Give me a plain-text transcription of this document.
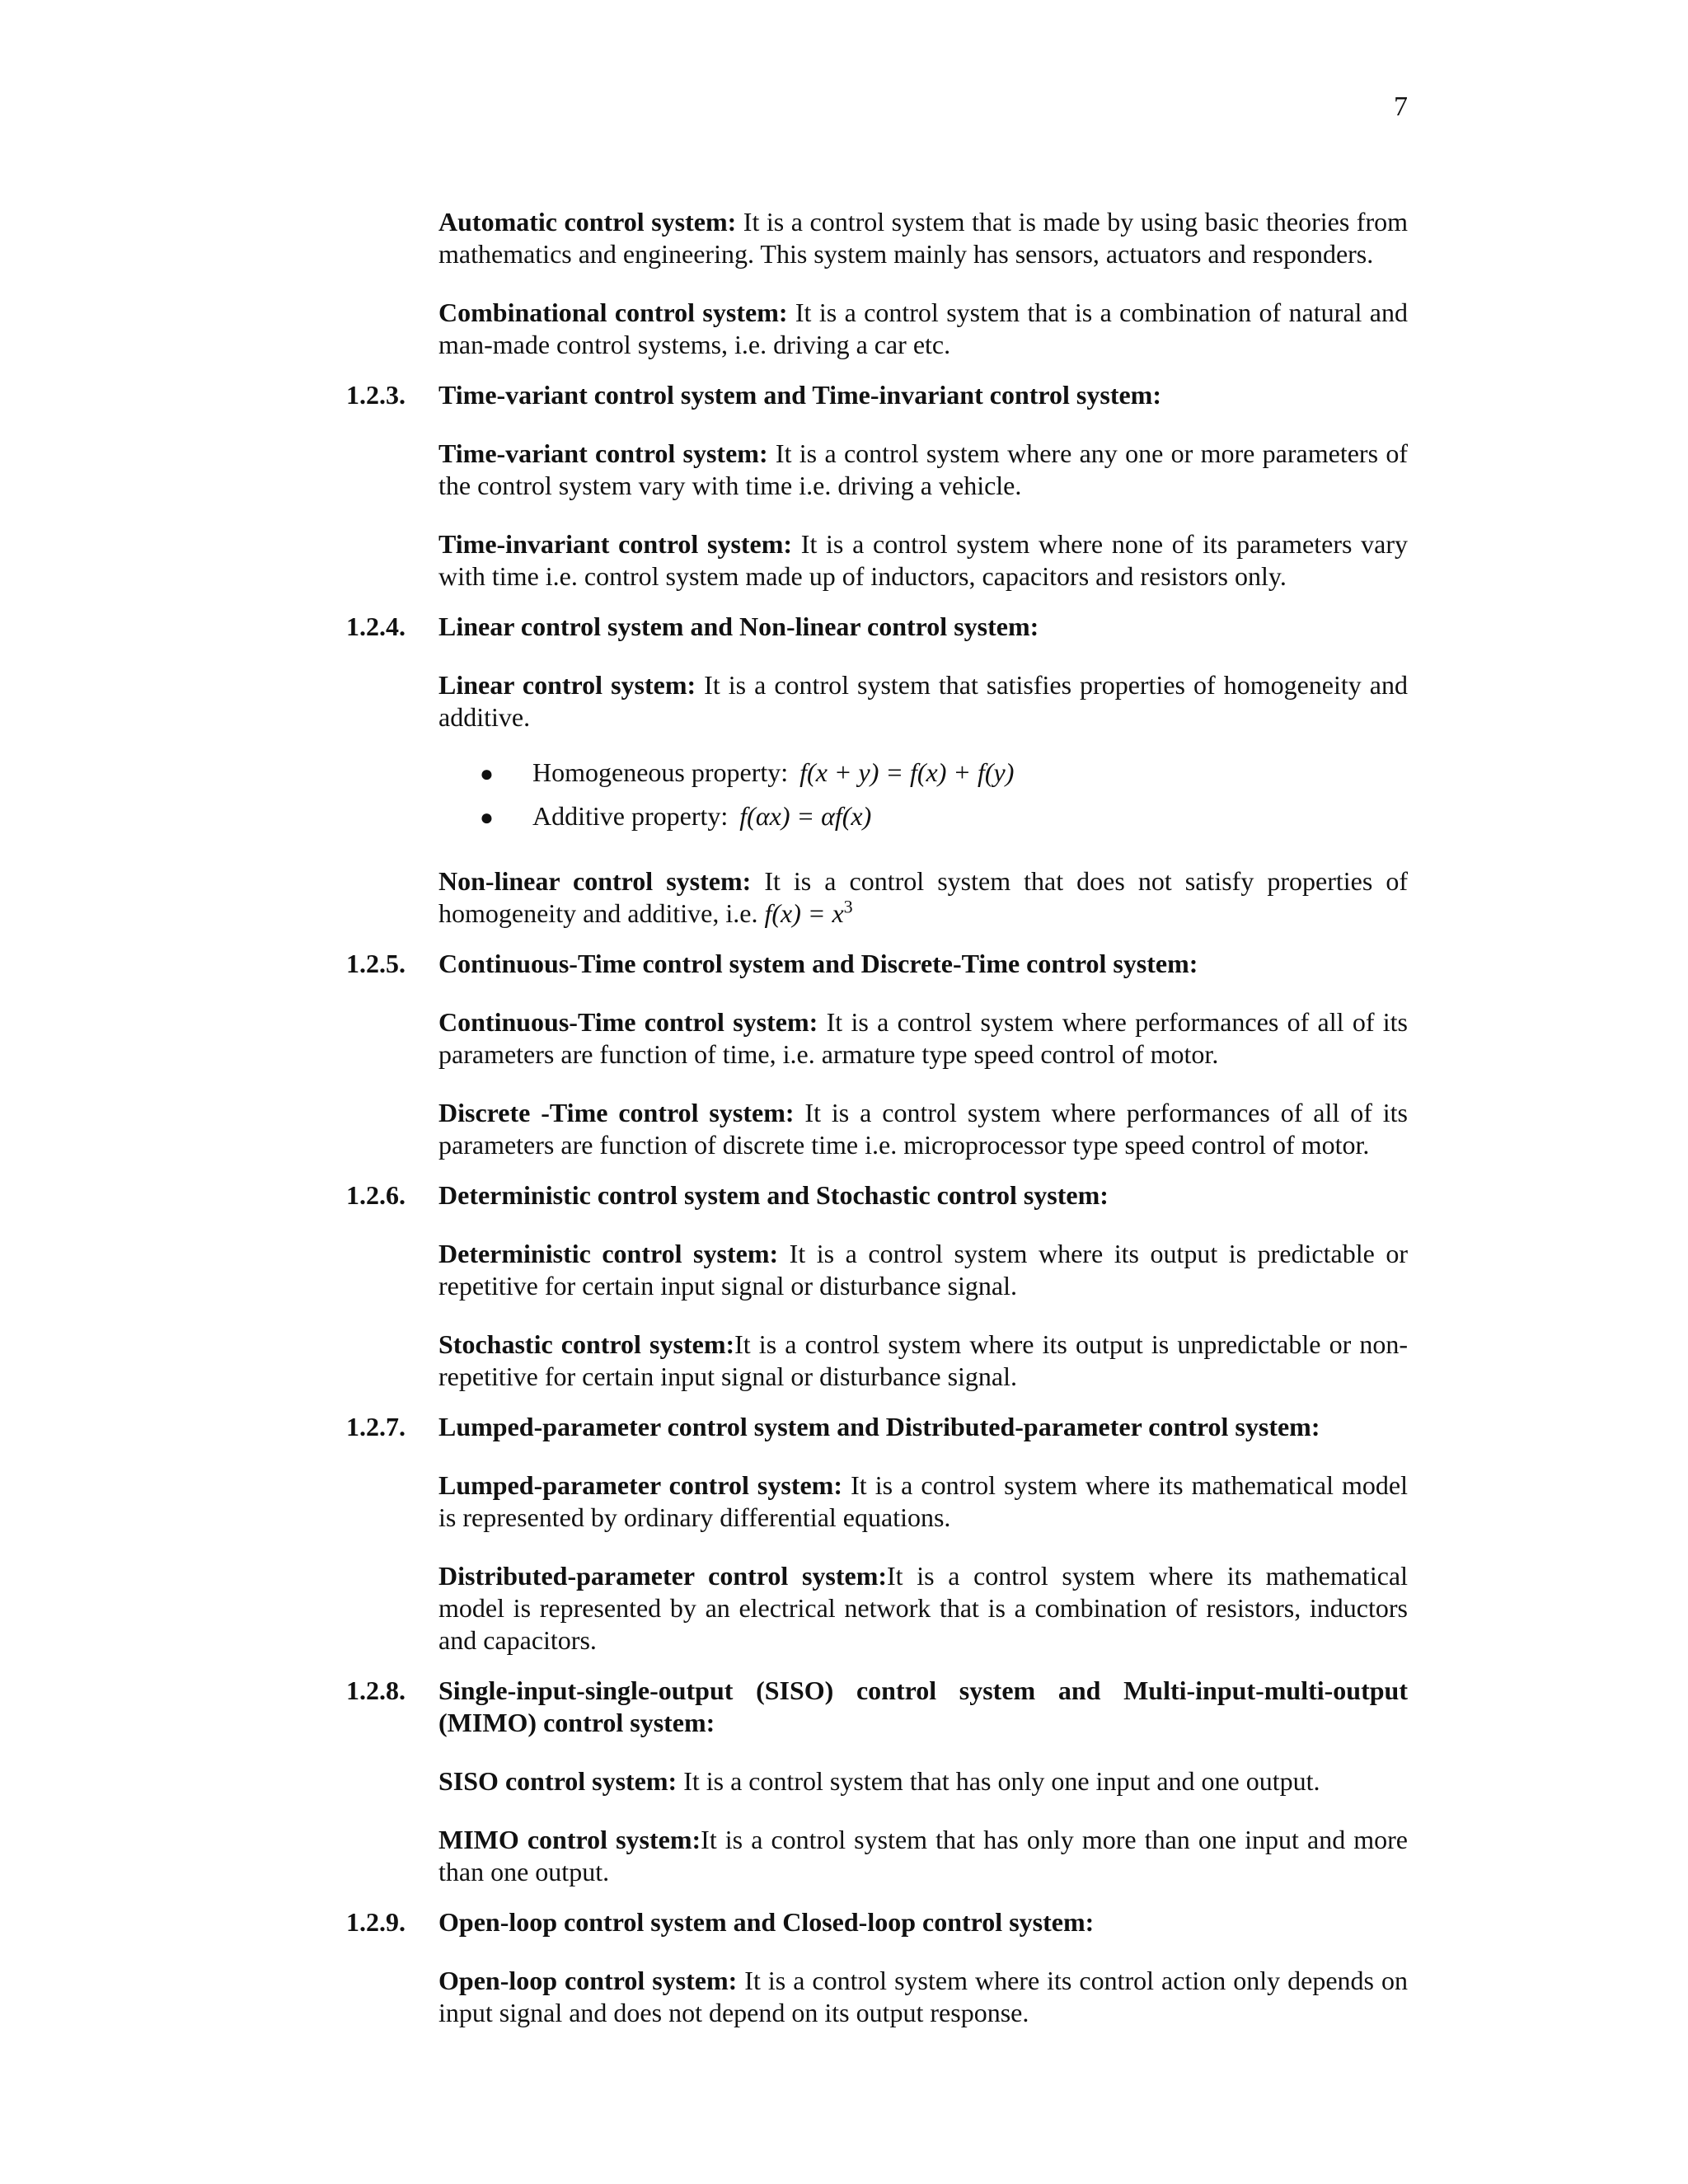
7

Automatic control system: It is a control system that is made by using basic theories from mathematics and engineering. This system mainly has sensors, actuators and responders.

Combinational control system: It is a control system that is a combination of natural and man-made control systems, i.e. driving a car etc.

1.2.3.	Time-variant control system and Time-invariant control system:

Time-variant control system: It is a control system where any one or more parameters of the control system vary with time i.e. driving a vehicle.

Time-invariant control system: It is a control system where none of its parameters vary with time i.e. control system made up of inductors, capacitors and resistors only.

1.2.4.	Linear control system and Non-linear control system:

Linear control system: It is a control system that satisfies properties of homogeneity and additive.

●	Homogeneous property: f(x + y) = f(x) + f(y)
●	Additive property: f(αx) = αf(x)

Non-linear control system: It is a control system that does not satisfy properties of homogeneity and additive, i.e. $f(x) = x^3$

1.2.5.	Continuous-Time control system and Discrete-Time control system:

Continuous-Time control system: It is a control system where performances of all of its parameters are function of time, i.e. armature type speed control of motor.

Discrete -Time control system: It is a control system where performances of all of its parameters are function of discrete time i.e. microprocessor type speed control of motor.

1.2.6.	Deterministic control system and Stochastic control system:

Deterministic control system: It is a control system where its output is predictable or repetitive for certain input signal or disturbance signal.

Stochastic control system:It is a control system where its output is unpredictable or non-repetitive for certain input signal or disturbance signal.

1.2.7.	Lumped-parameter control system and Distributed-parameter control system:

Lumped-parameter control system: It is a control system where its mathematical model is represented by ordinary differential equations.

Distributed-parameter control system:It is a control system where its mathematical model is represented by an electrical network that is a combination of resistors, inductors and capacitors.

1.2.8.	Single-input-single-output (SISO) control system and Multi-input-multi-output (MIMO) control system:

SISO control system: It is a control system that has only one input and one output.

MIMO control system:It is a control system that has only more than one input and more than one output.

1.2.9.	Open-loop control system and Closed-loop control system:

Open-loop control system: It is a control system where its control action only depends on input signal and does not depend on its output response.
